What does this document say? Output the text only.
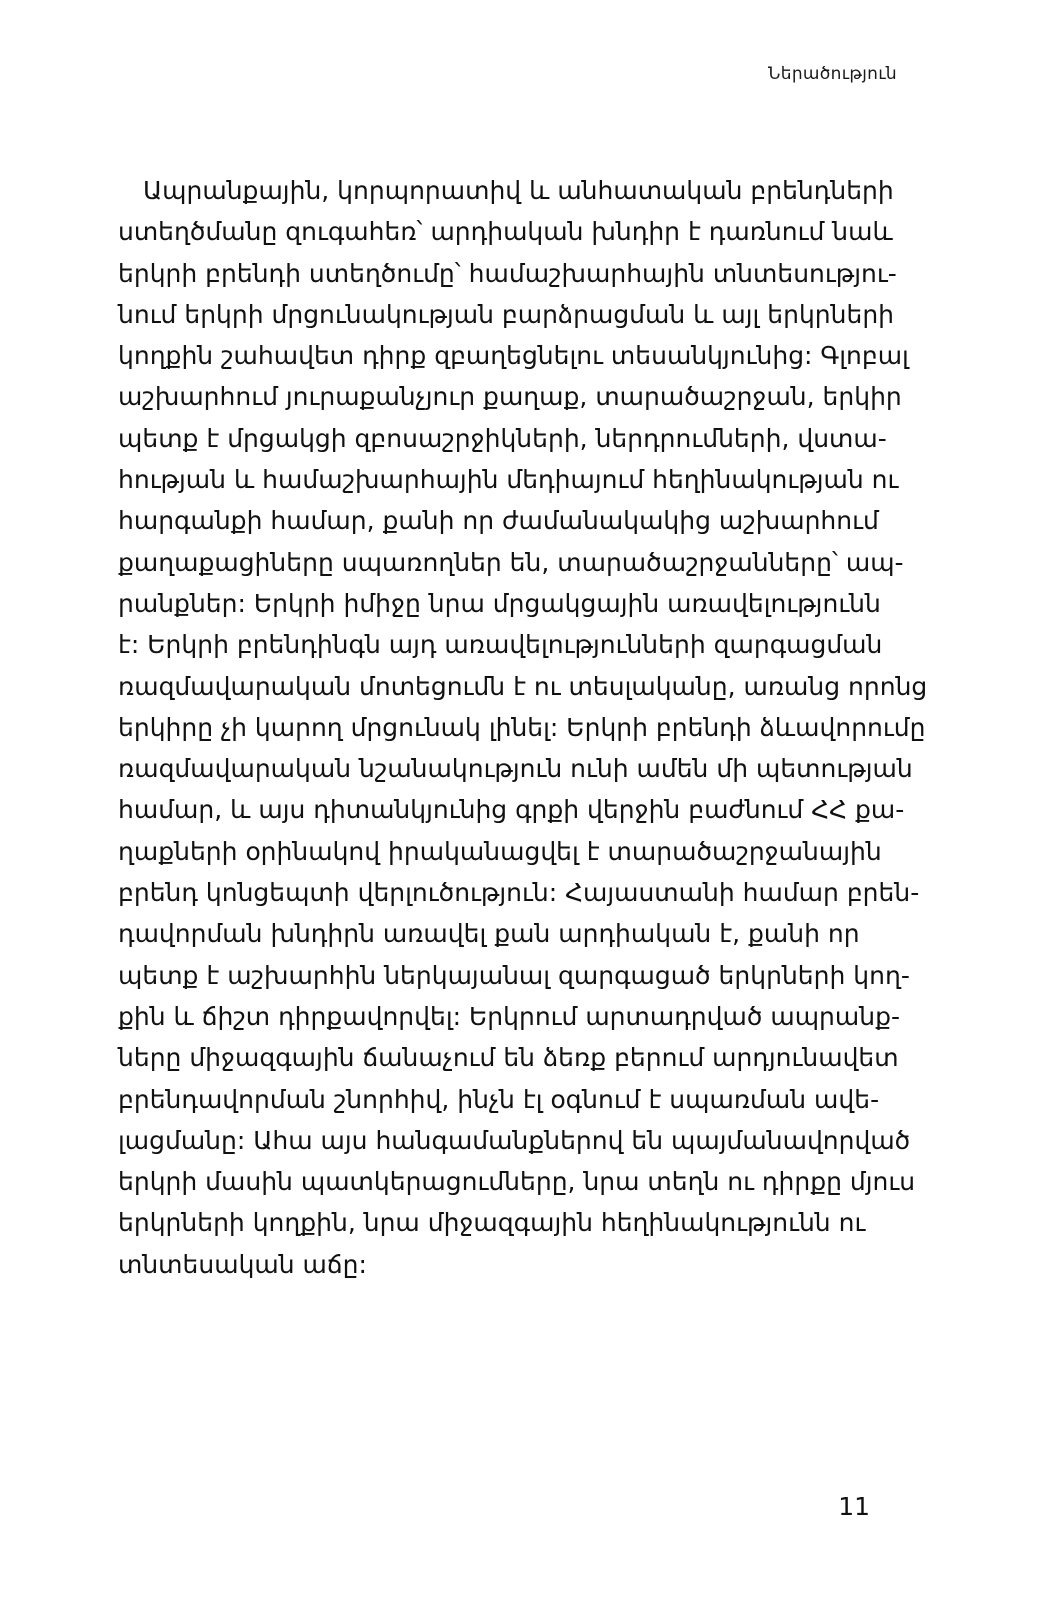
Ներածություն
Ապրանքային, կորպորատիվ և անհատական բրենդների
ստեղծմանը զուգահեռ՝ արդիական խնդիր է դառնում նաև
երկրի բրենդի ստեղծումը՝ համաշխարհային տնտեսությու-
նում երկրի մրցունակության բարձրացման և այլ երկրների
կողքին շահավետ դիրք զբաղեցնելու տեսանկյունից: Գլոբալ
աշխարհում յուրաքանչյուր քաղաք, տարածաշրջան, երկիր
պետք է մրցակցի զբոսաշրջիկների, ներդրումների, վստա-
հության և համաշխարհային մեդիայում հեղինակության ու
հարգանքի համար, քանի որ ժամանակակից աշխարհում
քաղաքացիները սպառողներ են, տարածաշրջանները՝ ապ-
րանքներ: Երկրի իմիջը նրա մրցակցային առավելությունն
է: Երկրի բրենդինգն այդ առավելությունների զարգացման
ռազմավարական մոտեցումն է ու տեսլականը, առանց որոնց
երկիրը չի կարող մրցունակ լինել: Երկրի բրենդի ձևավորումը
ռազմավարական նշանակություն ունի ամեն մի պետության
համար, և այս դիտանկյունից գրքի վերջին բաժնում ՀՀ քա-
ղաքների օրինակով իրականացվել է տարածաշրջանային
բրենդ կոնցեպտի վերլուծություն: Հայաստանի համար բրեն-
դավորման խնդիրն առավել քան արդիական է, քանի որ
պետք է աշխարհին ներկայանալ զարգացած երկրների կող-
քին և ճիշտ դիրքավորվել: Երկրում արտադրված ապրանք-
ները միջազգային ճանաչում են ձեռք բերում արդյունավետ
բրենդավորման շնորհիվ, ինչն էլ օգնում է սպառման ավե-
լացմանը: Ահա այս հանգամանքներով են պայմանավորված
երկրի մասին պատկերացումները, նրա տեղն ու դիրքը մյուս
երկրների կողքին, նրա միջազգային հեղինակությունն ու
տնտեսական աճը:
11
